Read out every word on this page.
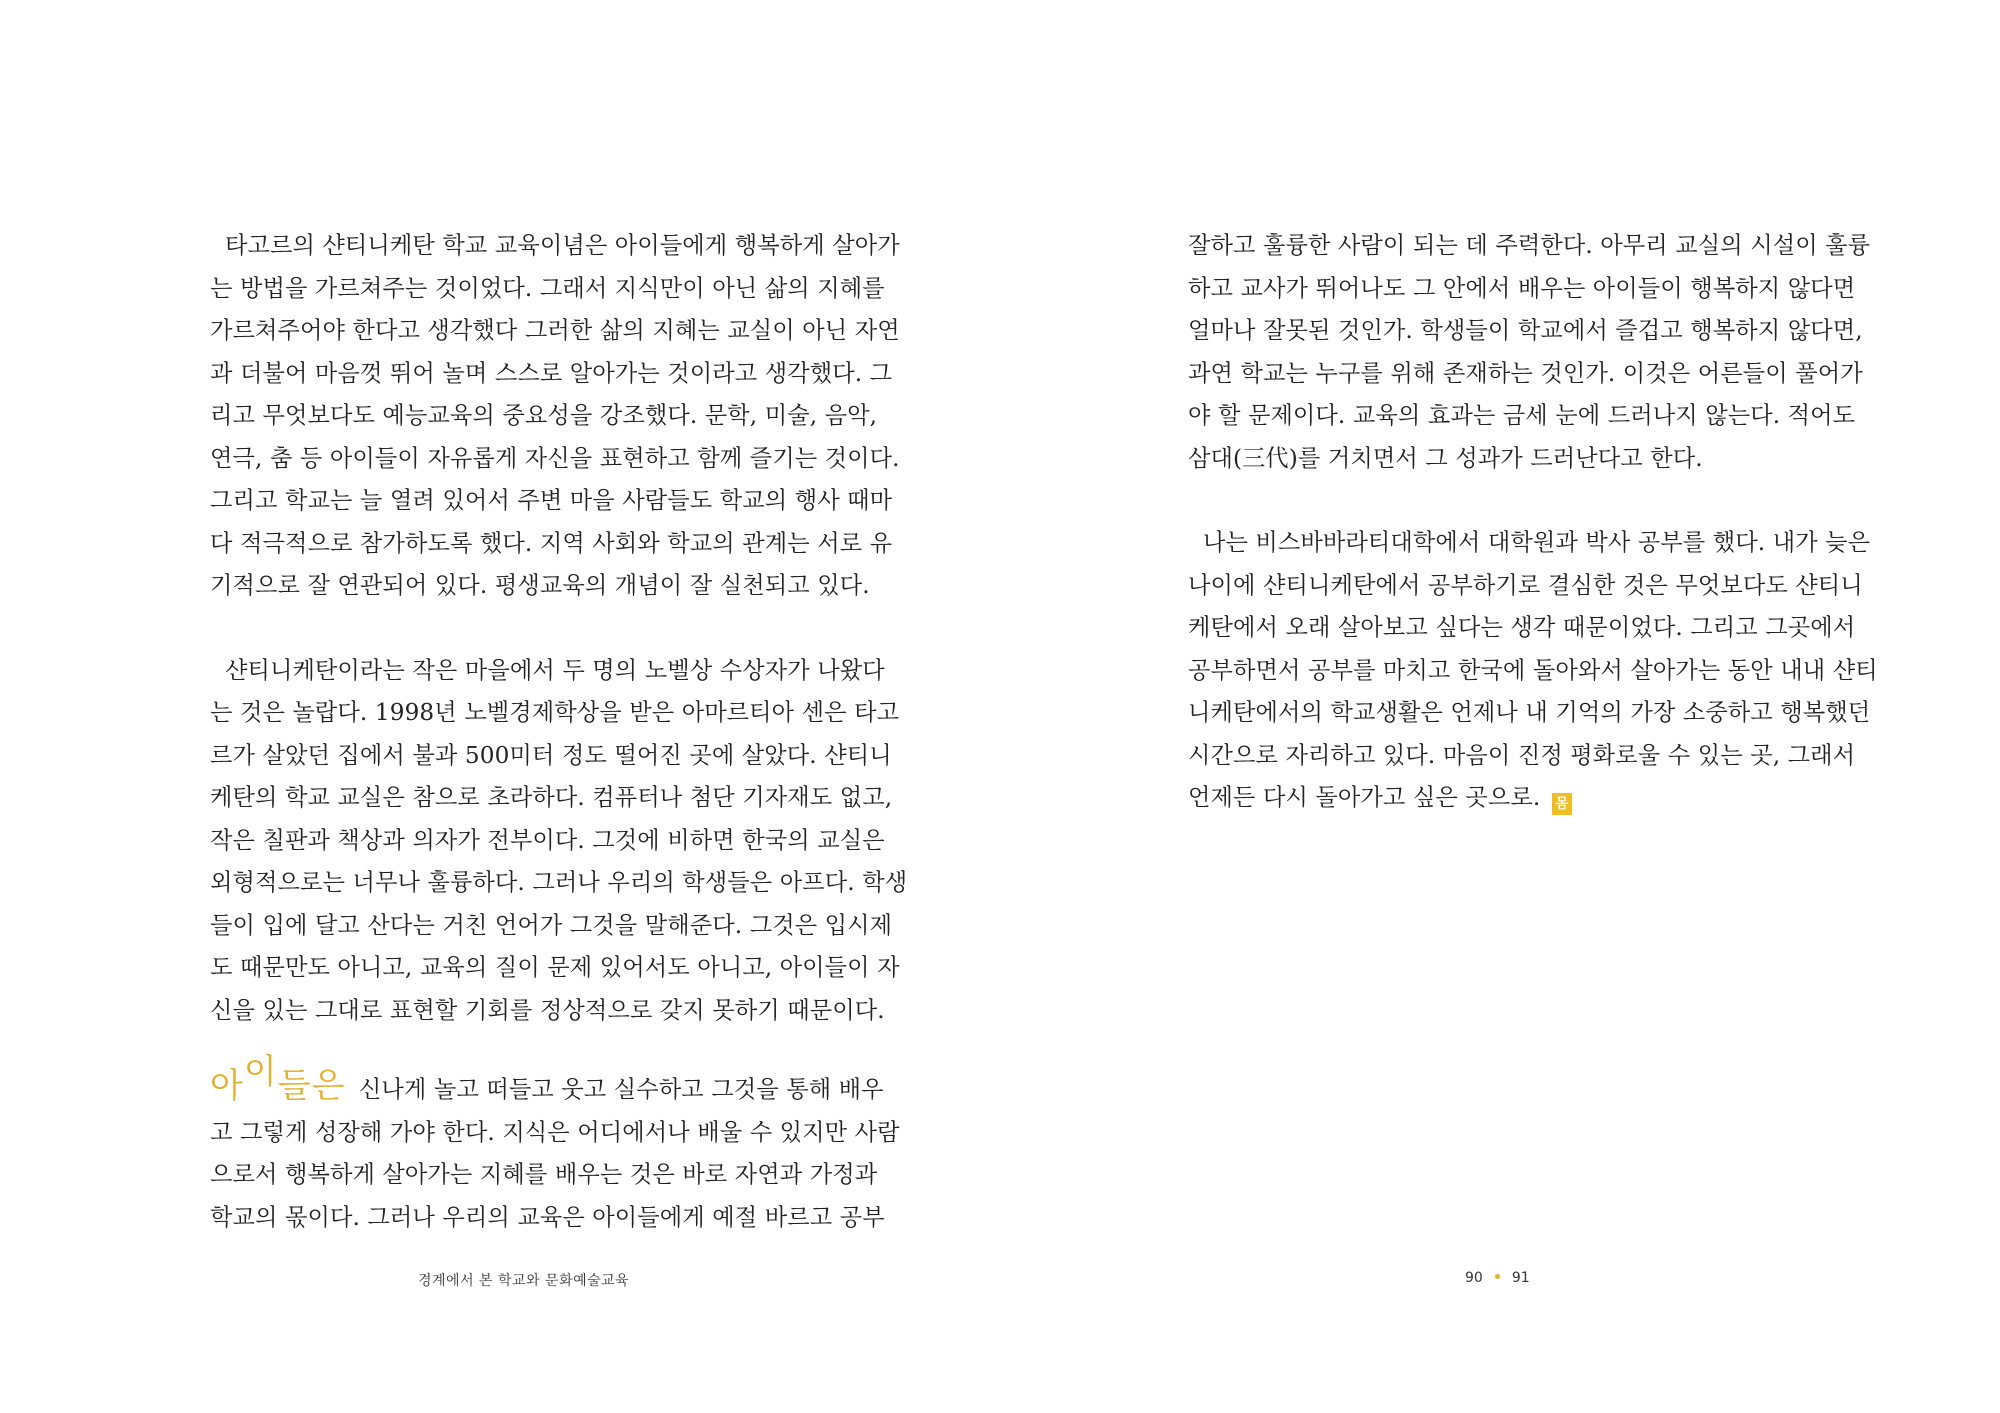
타고르의 샨티니케탄 학교 교육이념은 아이들에게 행복하게 살아가
는 방법을 가르쳐주는 것이었다. 그래서 지식만이 아닌 삶의 지혜를
가르쳐주어야 한다고 생각했다 그러한 삶의 지혜는 교실이 아닌 자연
과 더불어 마음껏 뛰어 놀며 스스로 알아가는 것이라고 생각했다. 그
리고 무엇보다도 예능교육의 중요성을 강조했다. 문학, 미술, 음악,
연극, 춤 등 아이들이 자유롭게 자신을 표현하고 함께 즐기는 것이다.
그리고 학교는 늘 열려 있어서 주변 마을 사람들도 학교의 행사 때마
다 적극적으로 참가하도록 했다. 지역 사회와 학교의 관계는 서로 유
기적으로 잘 연관되어 있다. 평생교육의 개념이 잘 실천되고 있다.

샨티니케탄이라는 작은 마을에서 두 명의 노벨상 수상자가 나왔다
는 것은 놀랍다. 1998년 노벨경제학상을 받은 아마르티아 센은 타고
르가 살았던 집에서 불과 500미터 정도 떨어진 곳에 살았다. 샨티니
케탄의 학교 교실은 참으로 초라하다. 컴퓨터나 첨단 기자재도 없고,
작은 칠판과 책상과 의자가 전부이다. 그것에 비하면 한국의 교실은
외형적으로는 너무나 훌륭하다. 그러나 우리의 학생들은 아프다. 학생
들이 입에 달고 산다는 거친 언어가 그것을 말해준다. 그것은 입시제
도 때문만도 아니고, 교육의 질이 문제 있어서도 아니고, 아이들이 자
신을 있는 그대로 표현할 기회를 정상적으로 갖지 못하기 때문이다.

아이들은 신나게 놀고 떠들고 웃고 실수하고 그것을 통해 배우
고 그렇게 성장해 가야 한다. 지식은 어디에서나 배울 수 있지만 사람
으로서 행복하게 살아가는 지혜를 배우는 것은 바로 자연과 가정과
학교의 몫이다. 그러나 우리의 교육은 아이들에게 예절 바르고 공부

잘하고 훌륭한 사람이 되는 데 주력한다. 아무리 교실의 시설이 훌륭
하고 교사가 뛰어나도 그 안에서 배우는 아이들이 행복하지 않다면
얼마나 잘못된 것인가. 학생들이 학교에서 즐겁고 행복하지 않다면,
과연 학교는 누구를 위해 존재하는 것인가. 이것은 어른들이 풀어가
야 할 문제이다. 교육의 효과는 금세 눈에 드러나지 않는다. 적어도
삼대(三代)를 거치면서 그 성과가 드러난다고 한다.

나는 비스바바라티대학에서 대학원과 박사 공부를 했다. 내가 늦은
나이에 샨티니케탄에서 공부하기로 결심한 것은 무엇보다도 샨티니
케탄에서 오래 살아보고 싶다는 생각 때문이었다. 그리고 그곳에서
공부하면서 공부를 마치고 한국에 돌아와서 살아가는 동안 내내 샨티
니케탄에서의 학교생활은 언제나 내 기억의 가장 소중하고 행복했던
시간으로 자리하고 있다. 마음이 진정 평화로울 수 있는 곳, 그래서
언제든 다시 돌아가고 싶은 곳으로. 몸

경계에서 본 학교와 문화예술교육	90 91
